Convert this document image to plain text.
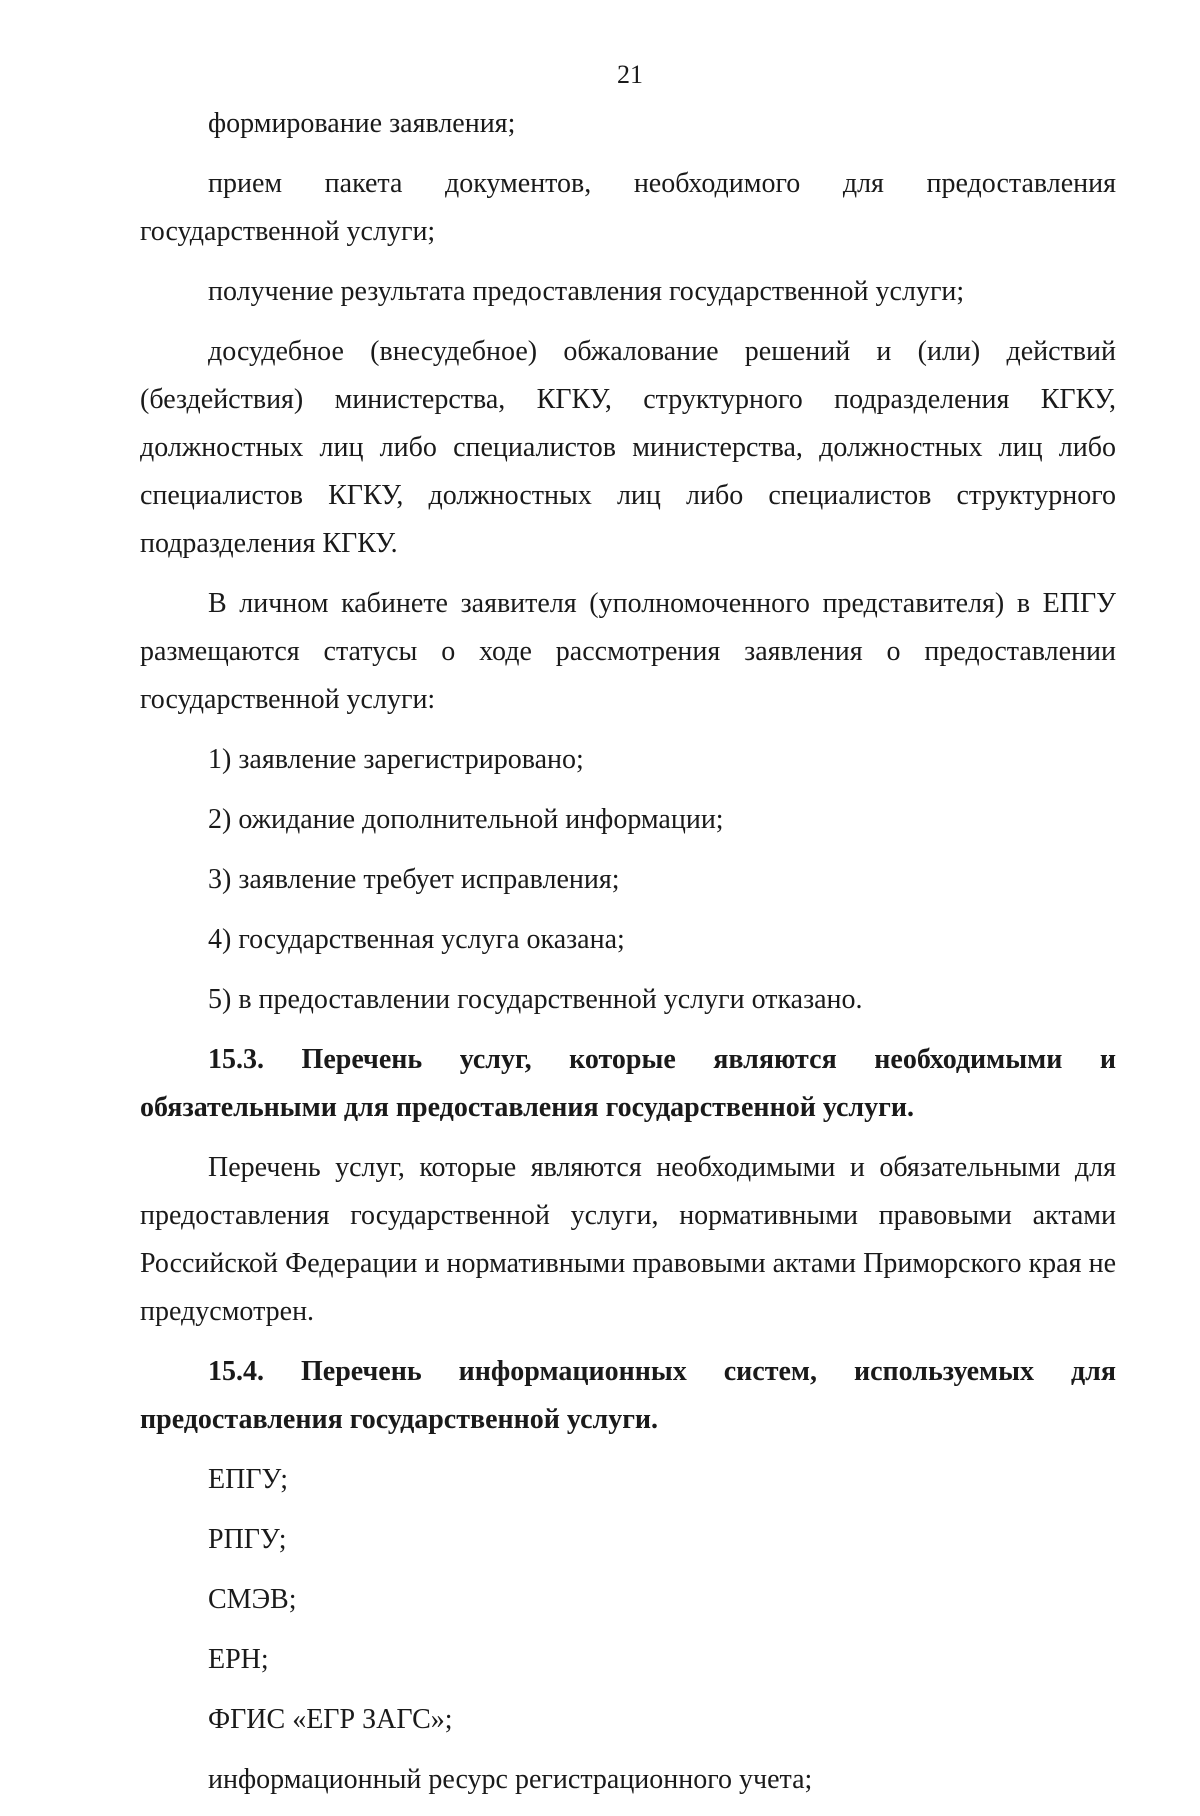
21

формирование заявления;

прием пакета документов, необходимого для предоставления государственной услуги;

получение результата предоставления государственной услуги;

досудебное (внесудебное) обжалование решений и (или) действий (бездействия) министерства, КГКУ, структурного подразделения КГКУ, должностных лиц либо специалистов министерства, должностных лиц либо специалистов КГКУ, должностных лиц либо специалистов структурного подразделения КГКУ.

В личном кабинете заявителя (уполномоченного представителя) в ЕПГУ размещаются статусы о ходе рассмотрения заявления о предоставлении государственной услуги:

1) заявление зарегистрировано;

2) ожидание дополнительной информации;

3) заявление требует исправления;

4) государственная услуга оказана;

5) в предоставлении государственной услуги отказано.

15.3. Перечень услуг, которые являются необходимыми и обязательными для предоставления государственной услуги.

Перечень услуг, которые являются необходимыми и обязательными для предоставления государственной услуги, нормативными правовыми актами Российской Федерации и нормативными правовыми актами Приморского края не предусмотрен.

15.4. Перечень информационных систем, используемых для предоставления государственной услуги.

ЕПГУ;

РПГУ;

СМЭВ;

ЕРН;

ФГИС «ЕГР ЗАГС»;

информационный ресурс регистрационного учета;
